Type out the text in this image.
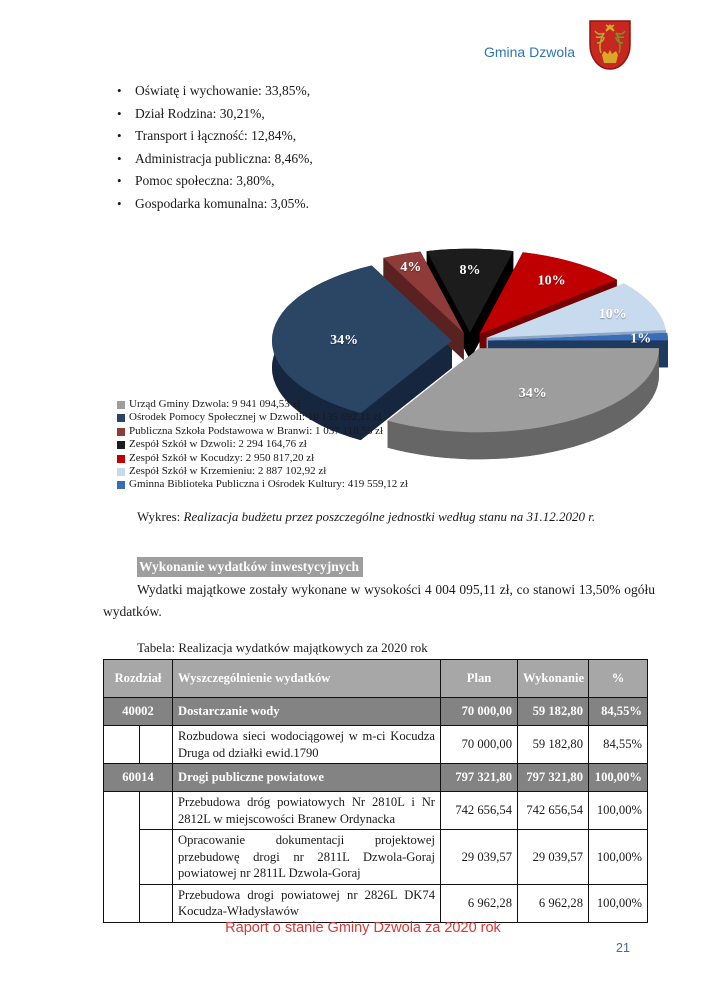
Gmina Dzwola
• Oświatę i wychowanie: 33,85%,
• Dział Rodzina: 30,21%,
• Transport i łączność: 12,84%,
• Administracja publiczna: 8,46%,
• Pomoc społeczna: 3,80%,
• Gospodarka komunalna: 3,05%.
8%
10%
10%
1%
34%
34%
4%
Urząd Gminy Dzwola: 9 941 094,53 zł
Ośrodek Pomocy Społecznej w Dzwoli: 10 135 692,11 zł
Publiczna Szkoła Podstawowa w Branwi: 1 037 118,55 zł
Zespół Szkół w Dzwoli: 2 294 164,76 zł
Zespół Szkół w Kocudzy: 2 950 817,20 zł
Zespół Szkół w Krzemieniu: 2 887 102,92 zł
Gminna Biblioteka Publiczna i Ośrodek Kultury: 419 559,12 zł
Wykres: Realizacja budżetu przez poszczególne jednostki według stanu na 31.12.2020 r.
Wykonanie wydatków inwestycyjnych
Wydatki majątkowe zostały wykonane w wysokości 4 004 095,11 zł, co stanowi 13,50% ogółu wydatków.
Tabela: Realizacja wydatków majątkowych za 2020 rok
Rozdział		Wyszczególnienie wydatków	Plan	Wykonanie	%
40002		Dostarczanie wody	70 000,00	59 182,80	84,55%
		Rozbudowa sieci wodociągowej w m-ci Kocudza Druga od działki ewid.1790	70 000,00	59 182,80	84,55%
60014		Drogi publiczne powiatowe	797 321,80	797 321,80	100,00%
		Przebudowa dróg powiatowych Nr 2810L i Nr 2812L w miejscowości Branew Ordynacka	742 656,54	742 656,54	100,00%
		Opracowanie dokumentacji projektowej przebudowę drogi nr 2811L Dzwola-Goraj powiatowej nr 2811L Dzwola-Goraj	29 039,57	29 039,57	100,00%
		Przebudowa drogi powiatowej nr 2826L DK74 Kocudza-Władysławów	6 962,28	6 962,28	100,00%
Raport o stanie Gminy Dzwola za 2020 rok
21
